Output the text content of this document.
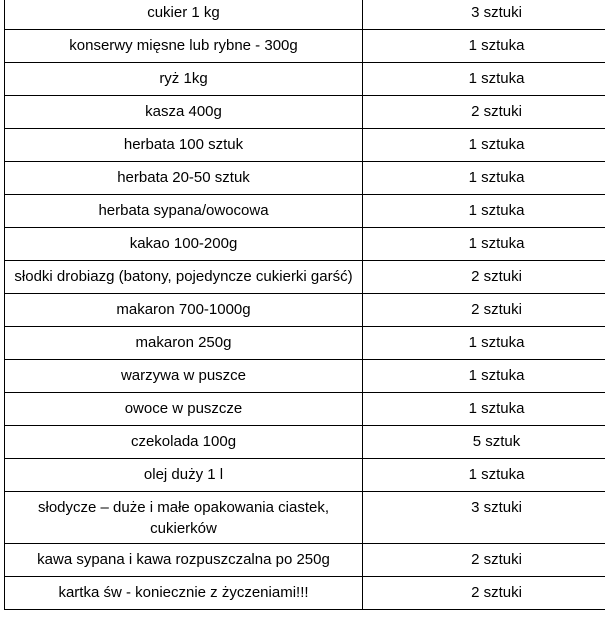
cukier 1 kg	3 sztuki
konserwy mięsne lub rybne - 300g	1 sztuka
ryż 1kg	1 sztuka
kasza 400g	2 sztuki
herbata 100 sztuk	1 sztuka
herbata 20-50 sztuk	1 sztuka
herbata sypana/owocowa	1 sztuka
kakao 100-200g	1 sztuka
słodki drobiazg (batony, pojedyncze cukierki garść)	2 sztuki
makaron 700-1000g	2 sztuki
makaron 250g	1 sztuka
warzywa w puszce	1 sztuka
owoce w puszcze	1 sztuka
czekolada 100g	5 sztuk
olej duży 1 l	1 sztuka
słodycze – duże i małe opakowania ciastek, cukierków	3 sztuki
kawa sypana i kawa rozpuszczalna po 250g	2 sztuki
kartka św - koniecznie z życzeniami!!!	2 sztuki
